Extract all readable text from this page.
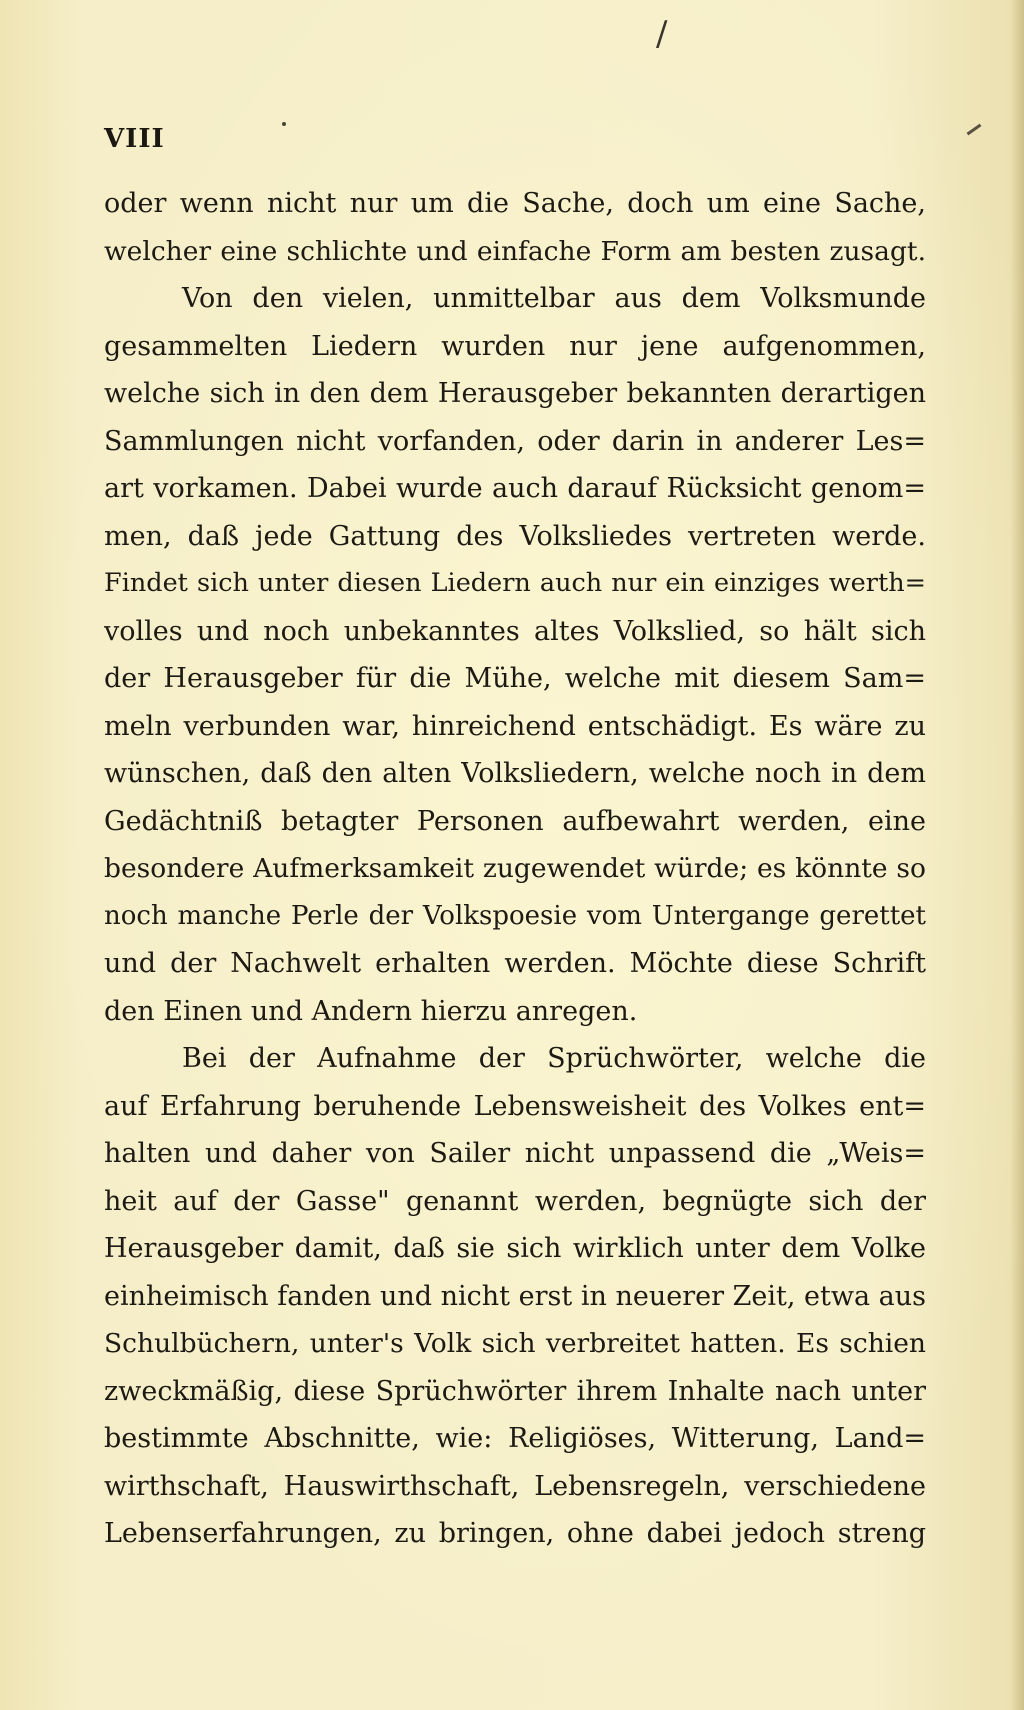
/
VIII
oder wenn nicht nur um die Sache, doch um eine Sache,
welcher eine schlichte und einfache Form am besten zusagt.
Von den vielen, unmittelbar aus dem Volksmunde
gesammelten Liedern wurden nur jene aufgenommen,
welche sich in den dem Herausgeber bekannten derartigen
Sammlungen nicht vorfanden, oder darin in anderer Les=
art vorkamen. Dabei wurde auch darauf Rücksicht genom=
men, daß jede Gattung des Volksliedes vertreten werde.
Findet sich unter diesen Liedern auch nur ein einziges werth=
volles und noch unbekanntes altes Volkslied, so hält sich
der Herausgeber für die Mühe, welche mit diesem Sam=
meln verbunden war, hinreichend entschädigt. Es wäre zu
wünschen, daß den alten Volksliedern, welche noch in dem
Gedächtniß betagter Personen aufbewahrt werden, eine
besondere Aufmerksamkeit zugewendet würde; es könnte so
noch manche Perle der Volkspoesie vom Untergange gerettet
und der Nachwelt erhalten werden. Möchte diese Schrift
den Einen und Andern hierzu anregen.
Bei der Aufnahme der Sprüchwörter, welche die
auf Erfahrung beruhende Lebensweisheit des Volkes ent=
halten und daher von Sailer nicht unpassend die „Weis=
heit auf der Gasse" genannt werden, begnügte sich der
Herausgeber damit, daß sie sich wirklich unter dem Volke
einheimisch fanden und nicht erst in neuerer Zeit, etwa aus
Schulbüchern, unter's Volk sich verbreitet hatten. Es schien
zweckmäßig, diese Sprüchwörter ihrem Inhalte nach unter
bestimmte Abschnitte, wie: Religiöses, Witterung, Land=
wirthschaft, Hauswirthschaft, Lebensregeln, verschiedene
Lebenserfahrungen, zu bringen, ohne dabei jedoch streng
